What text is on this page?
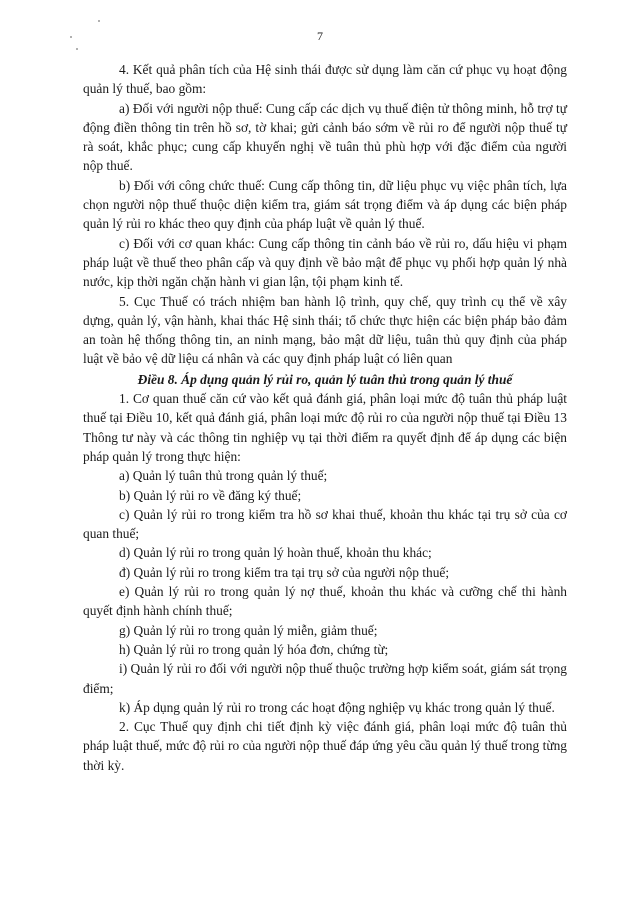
7

4. Kết quả phân tích của Hệ sinh thái được sử dụng làm căn cứ phục vụ hoạt động quản lý thuế, bao gồm:

a) Đối với người nộp thuế: Cung cấp các dịch vụ thuế điện tử thông minh, hỗ trợ tự động điền thông tin trên hồ sơ, tờ khai; gửi cảnh báo sớm về rủi ro để người nộp thuế tự rà soát, khắc phục; cung cấp khuyến nghị về tuân thủ phù hợp với đặc điểm của người nộp thuế.

b) Đối với công chức thuế: Cung cấp thông tin, dữ liệu phục vụ việc phân tích, lựa chọn người nộp thuế thuộc diện kiểm tra, giám sát trọng điểm và áp dụng các biện pháp quản lý rủi ro khác theo quy định của pháp luật về quản lý thuế.

c) Đối với cơ quan khác: Cung cấp thông tin cảnh báo về rủi ro, dấu hiệu vi phạm pháp luật về thuế theo phân cấp và quy định về bảo mật để phục vụ phối hợp quản lý nhà nước, kịp thời ngăn chặn hành vi gian lận, tội phạm kinh tế.

5. Cục Thuế có trách nhiệm ban hành lộ trình, quy chế, quy trình cụ thể về xây dựng, quản lý, vận hành, khai thác Hệ sinh thái; tổ chức thực hiện các biện pháp bảo đảm an toàn hệ thống thông tin, an ninh mạng, bảo mật dữ liệu, tuân thủ quy định của pháp luật về bảo vệ dữ liệu cá nhân và các quy định pháp luật có liên quan

Điều 8. Áp dụng quản lý rủi ro, quản lý tuân thủ trong quản lý thuế

1. Cơ quan thuế căn cứ vào kết quả đánh giá, phân loại mức độ tuân thủ pháp luật thuế tại Điều 10, kết quả đánh giá, phân loại mức độ rủi ro của người nộp thuế tại Điều 13 Thông tư này và các thông tin nghiệp vụ tại thời điểm ra quyết định để áp dụng các biện pháp quản lý trong thực hiện:

a) Quản lý tuân thủ trong quản lý thuế;

b) Quản lý rủi ro về đăng ký thuế;

c) Quản lý rủi ro trong kiểm tra hồ sơ khai thuế, khoản thu khác tại trụ sở của cơ quan thuế;

d) Quản lý rủi ro trong quản lý hoàn thuế, khoản thu khác;

đ) Quản lý rủi ro trong kiểm tra tại trụ sở của người nộp thuế;

e) Quản lý rủi ro trong quản lý nợ thuế, khoản thu khác và cưỡng chế thi hành quyết định hành chính thuế;

g) Quản lý rủi ro trong quản lý miễn, giảm thuế;

h) Quản lý rủi ro trong quản lý hóa đơn, chứng từ;

i) Quản lý rủi ro đối với người nộp thuế thuộc trường hợp kiểm soát, giám sát trọng điểm;

k) Áp dụng quản lý rủi ro trong các hoạt động nghiệp vụ khác trong quản lý thuế.

2. Cục Thuế quy định chi tiết định kỳ việc đánh giá, phân loại mức độ tuân thủ pháp luật thuế, mức độ rủi ro của người nộp thuế đáp ứng yêu cầu quản lý thuế trong từng thời kỳ.
